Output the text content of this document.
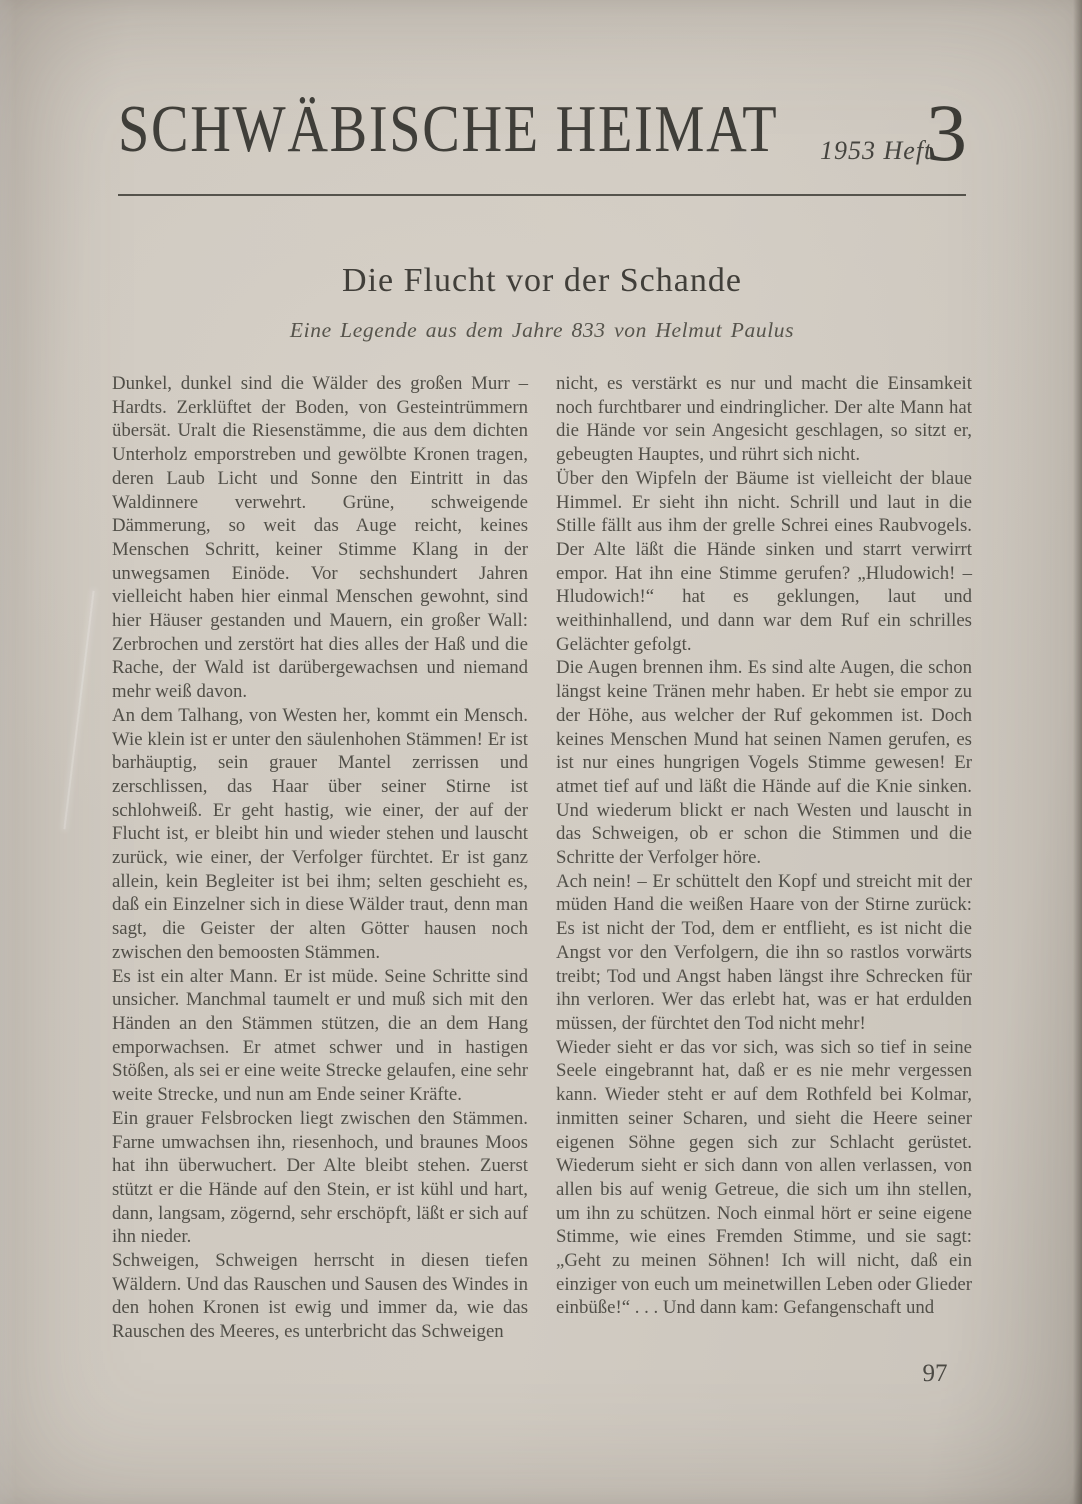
SCHWÄBISCHE HEIMAT 1953 Heft
3
Die Flucht vor der Schande
Eine Legende aus dem Jahre 833 von Helmut Paulus

Dunkel, dunkel sind die Wälder des großen Murr – Hardts. Zerklüftet der Boden, von Gesteintrümmern übersät. Uralt die Riesenstämme, die aus dem dichten Unterholz emporstreben und gewölbte Kronen tragen, deren Laub Licht und Sonne den Eintritt in das Waldinnere verwehrt. Grüne, schweigende Dämmerung, so weit das Auge reicht, keines Menschen Schritt, keiner Stimme Klang in der unwegsamen Einöde. Vor sechshundert Jahren vielleicht haben hier einmal Menschen gewohnt, sind hier Häuser gestanden und Mauern, ein großer Wall: Zerbrochen und zerstört hat dies alles der Haß und die Rache, der Wald ist darübergewachsen und niemand mehr weiß davon.

An dem Talhang, von Westen her, kommt ein Mensch. Wie klein ist er unter den säulenhohen Stämmen! Er ist barhäuptig, sein grauer Mantel zerrissen und zerschlissen, das Haar über seiner Stirne ist schlohweiß. Er geht hastig, wie einer, der auf der Flucht ist, er bleibt hin und wieder stehen und lauscht zurück, wie einer, der Verfolger fürchtet. Er ist ganz allein, kein Begleiter ist bei ihm; selten geschieht es, daß ein Einzelner sich in diese Wälder traut, denn man sagt, die Geister der alten Götter hausen noch zwischen den bemoosten Stämmen.

Es ist ein alter Mann. Er ist müde. Seine Schritte sind unsicher. Manchmal taumelt er und muß sich mit den Händen an den Stämmen stützen, die an dem Hang emporwachsen. Er atmet schwer und in hastigen Stößen, als sei er eine weite Strecke gelaufen, eine sehr weite Strecke, und nun am Ende seiner Kräfte.

Ein grauer Felsbrocken liegt zwischen den Stämmen. Farne umwachsen ihn, riesenhoch, und braunes Moos hat ihn überwuchert. Der Alte bleibt stehen. Zuerst stützt er die Hände auf den Stein, er ist kühl und hart, dann, langsam, zögernd, sehr erschöpft, läßt er sich auf ihn nieder.

Schweigen, Schweigen herrscht in diesen tiefen Wäldern. Und das Rauschen und Sausen des Windes in den hohen Kronen ist ewig und immer da, wie das Rauschen des Meeres, es unterbricht das Schweigen

nicht, es verstärkt es nur und macht die Einsamkeit noch furchtbarer und eindringlicher. Der alte Mann hat die Hände vor sein Angesicht geschlagen, so sitzt er, gebeugten Hauptes, und rührt sich nicht.

Über den Wipfeln der Bäume ist vielleicht der blaue Himmel. Er sieht ihn nicht. Schrill und laut in die Stille fällt aus ihm der grelle Schrei eines Raubvogels. Der Alte läßt die Hände sinken und starrt verwirrt empor. Hat ihn eine Stimme gerufen? „Hludowich! – Hludowich!“ hat es geklungen, laut und weithinhallend, und dann war dem Ruf ein schrilles Gelächter gefolgt.

Die Augen brennen ihm. Es sind alte Augen, die schon längst keine Tränen mehr haben. Er hebt sie empor zu der Höhe, aus welcher der Ruf gekommen ist. Doch keines Menschen Mund hat seinen Namen gerufen, es ist nur eines hungrigen Vogels Stimme gewesen! Er atmet tief auf und läßt die Hände auf die Knie sinken. Und wiederum blickt er nach Westen und lauscht in das Schweigen, ob er schon die Stimmen und die Schritte der Verfolger höre.

Ach nein! – Er schüttelt den Kopf und streicht mit der müden Hand die weißen Haare von der Stirne zurück: Es ist nicht der Tod, dem er entflieht, es ist nicht die Angst vor den Verfolgern, die ihn so rastlos vorwärts treibt; Tod und Angst haben längst ihre Schrecken für ihn verloren. Wer das erlebt hat, was er hat erdulden müssen, der fürchtet den Tod nicht mehr!

Wieder sieht er das vor sich, was sich so tief in seine Seele eingebrannt hat, daß er es nie mehr vergessen kann. Wieder steht er auf dem Rothfeld bei Kolmar, inmitten seiner Scharen, und sieht die Heere seiner eigenen Söhne gegen sich zur Schlacht gerüstet. Wiederum sieht er sich dann von allen verlassen, von allen bis auf wenig Getreue, die sich um ihn stellen, um ihn zu schützen. Noch einmal hört er seine eigene Stimme, wie eines Fremden Stimme, und sie sagt: „Geht zu meinen Söhnen! Ich will nicht, daß ein einziger von euch um meinetwillen Leben oder Glieder einbüße!“ . . . Und dann kam: Gefangenschaft und

97
